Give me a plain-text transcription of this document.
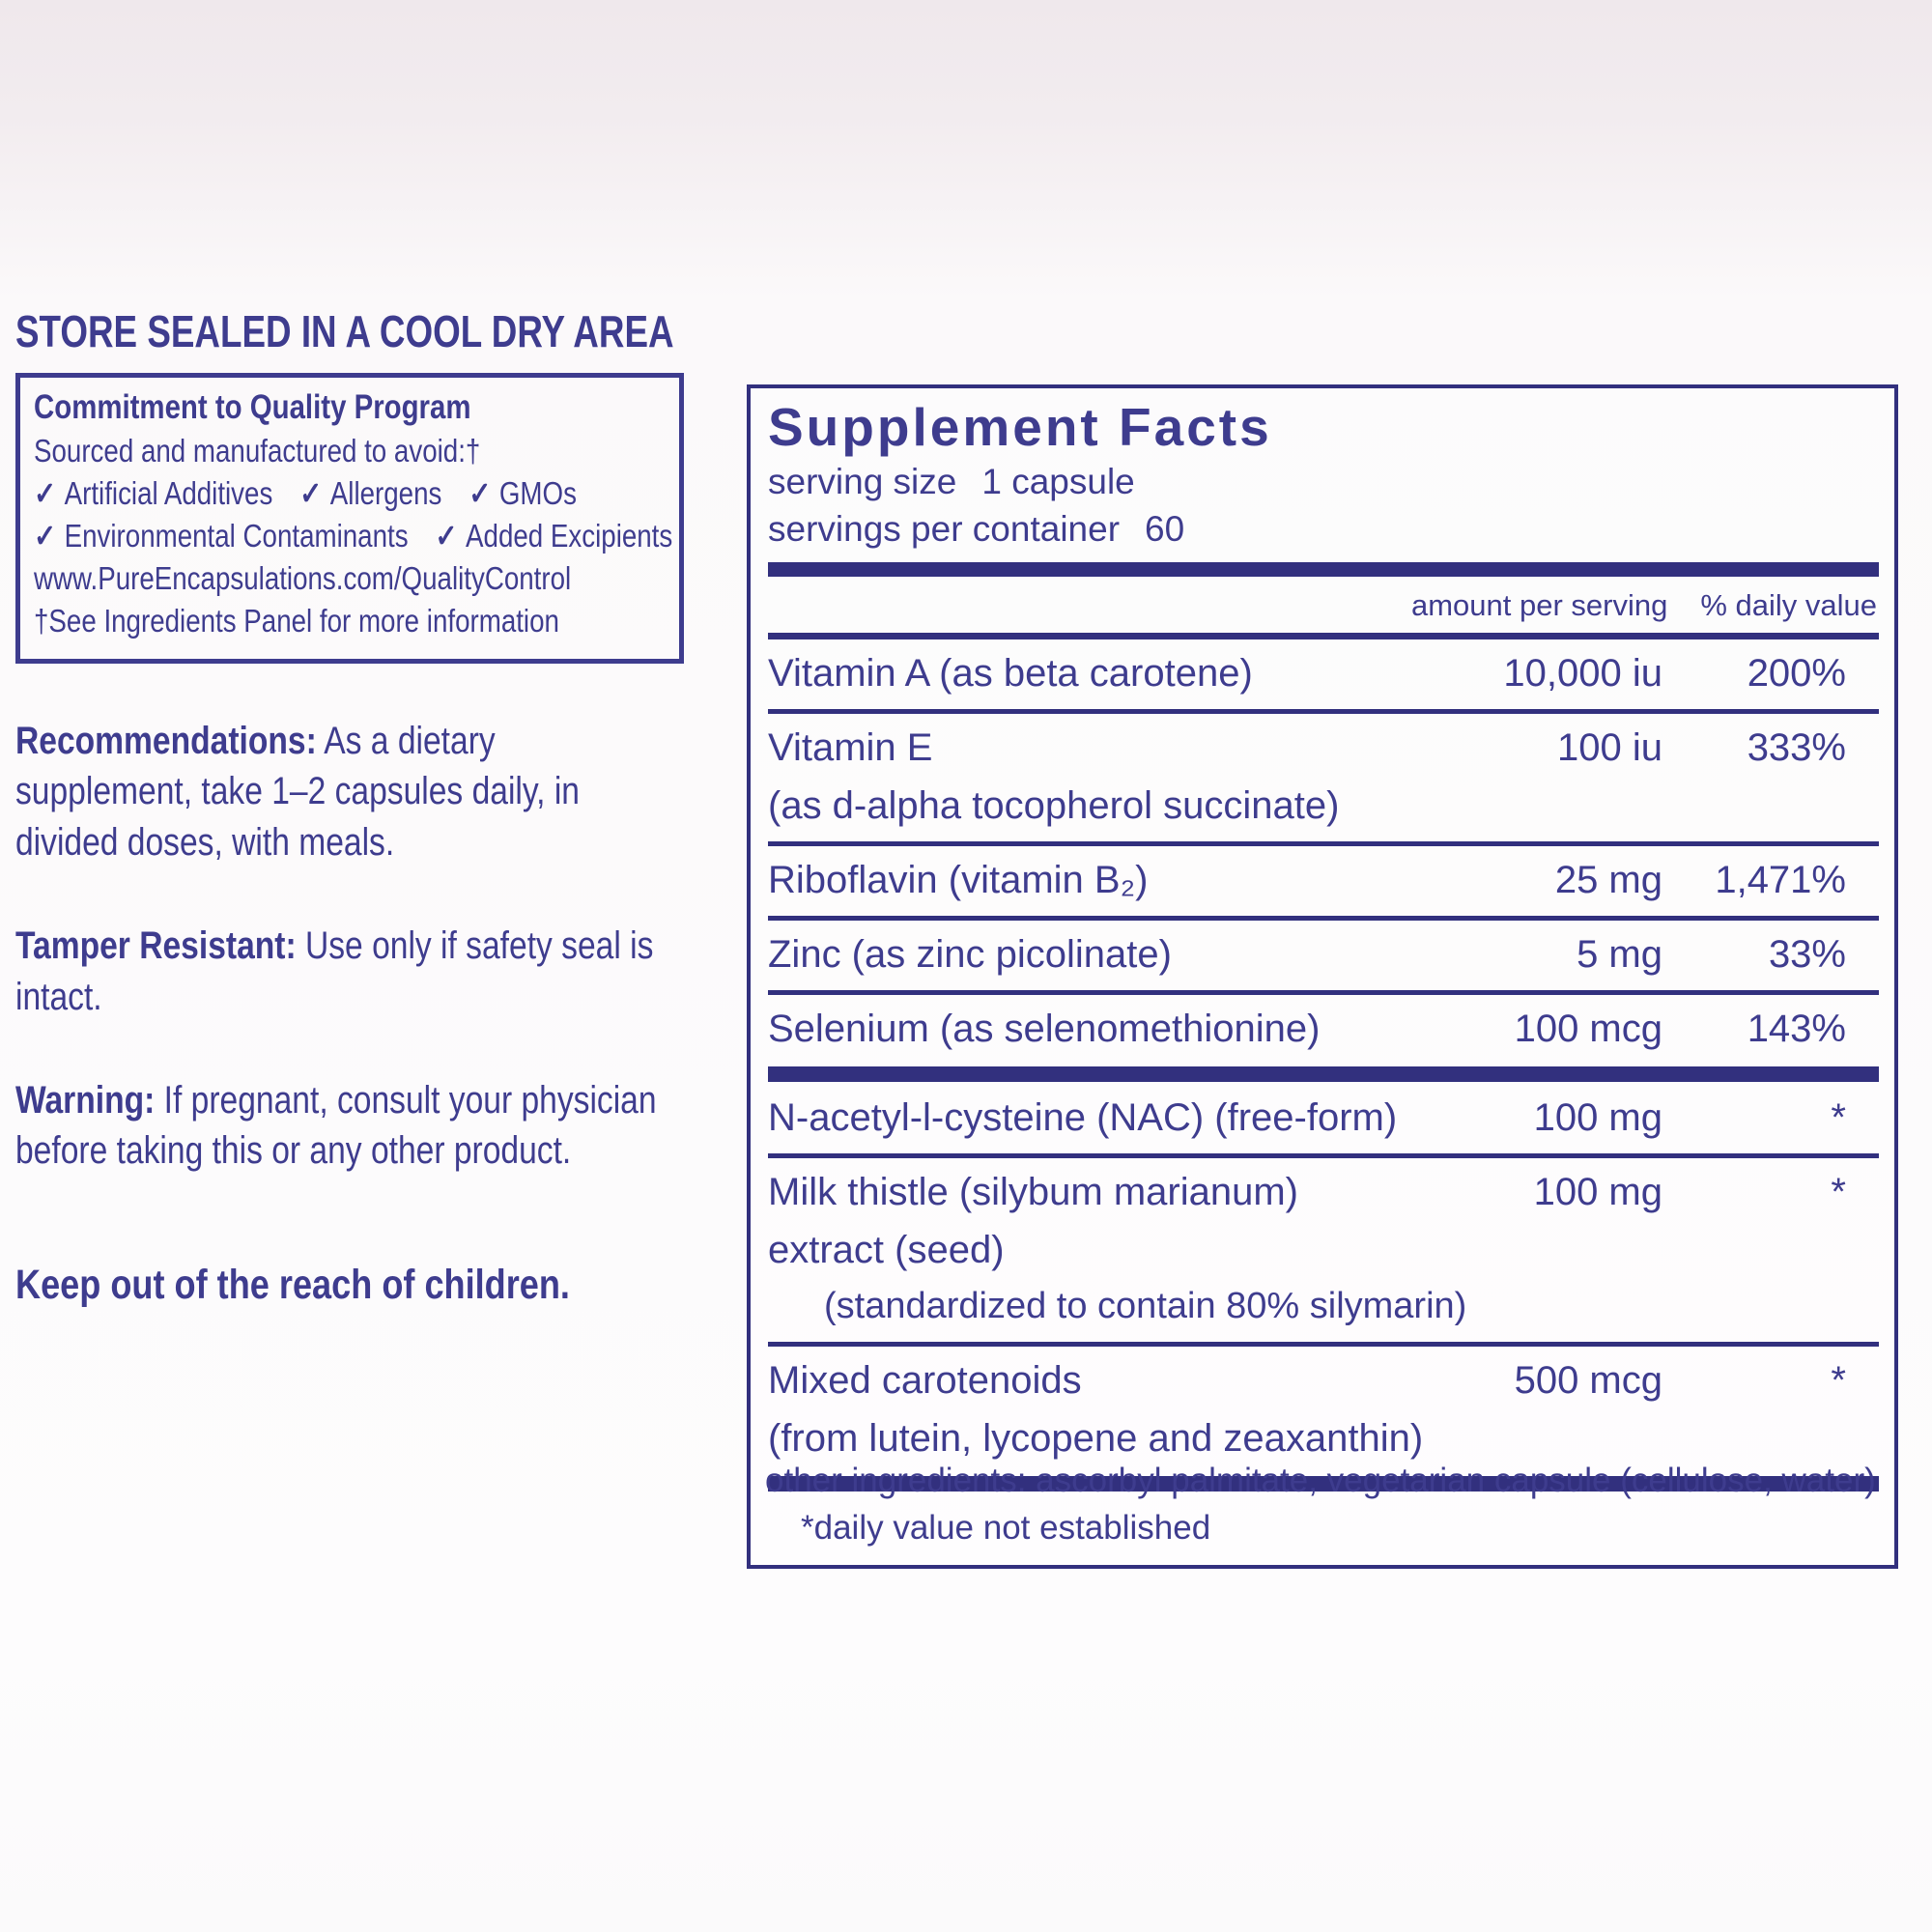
STORE SEALED IN A COOL DRY AREA
Commitment to Quality Program
Sourced and manufactured to avoid:†
✓ Artificial Additives ✓ Allergens ✓ GMOs
✓ Environmental Contaminants ✓ Added Excipients
www.PureEncapsulations.com/QualityControl
†See Ingredients Panel for more information
Recommendations: As a dietary supplement, take 1–2 capsules daily, in divided doses, with meals.
Tamper Resistant: Use only if safety seal is intact.
Warning: If pregnant, consult your physician before taking this or any other product.
Keep out of the reach of children.
Supplement Facts
serving size 1 capsule
servings per container 60
amount per serving % daily value
Vitamin A (as beta carotene)	10,000 iu	200%
Vitamin E	100 iu	333%
(as d-alpha tocopherol succinate)
Riboflavin (vitamin B₂)	25 mg	1,471%
Zinc (as zinc picolinate)	5 mg	33%
Selenium (as selenomethionine)	100 mcg	143%
N-acetyl-l-cysteine (NAC) (free-form)	100 mg	*
Milk thistle (silybum marianum)	100 mg	*
extract (seed)
(standardized to contain 80% silymarin)
Mixed carotenoids	500 mcg	*
(from lutein, lycopene and zeaxanthin)
*daily value not established
other ingredients: ascorbyl palmitate, vegetarian capsule (cellulose, water)
